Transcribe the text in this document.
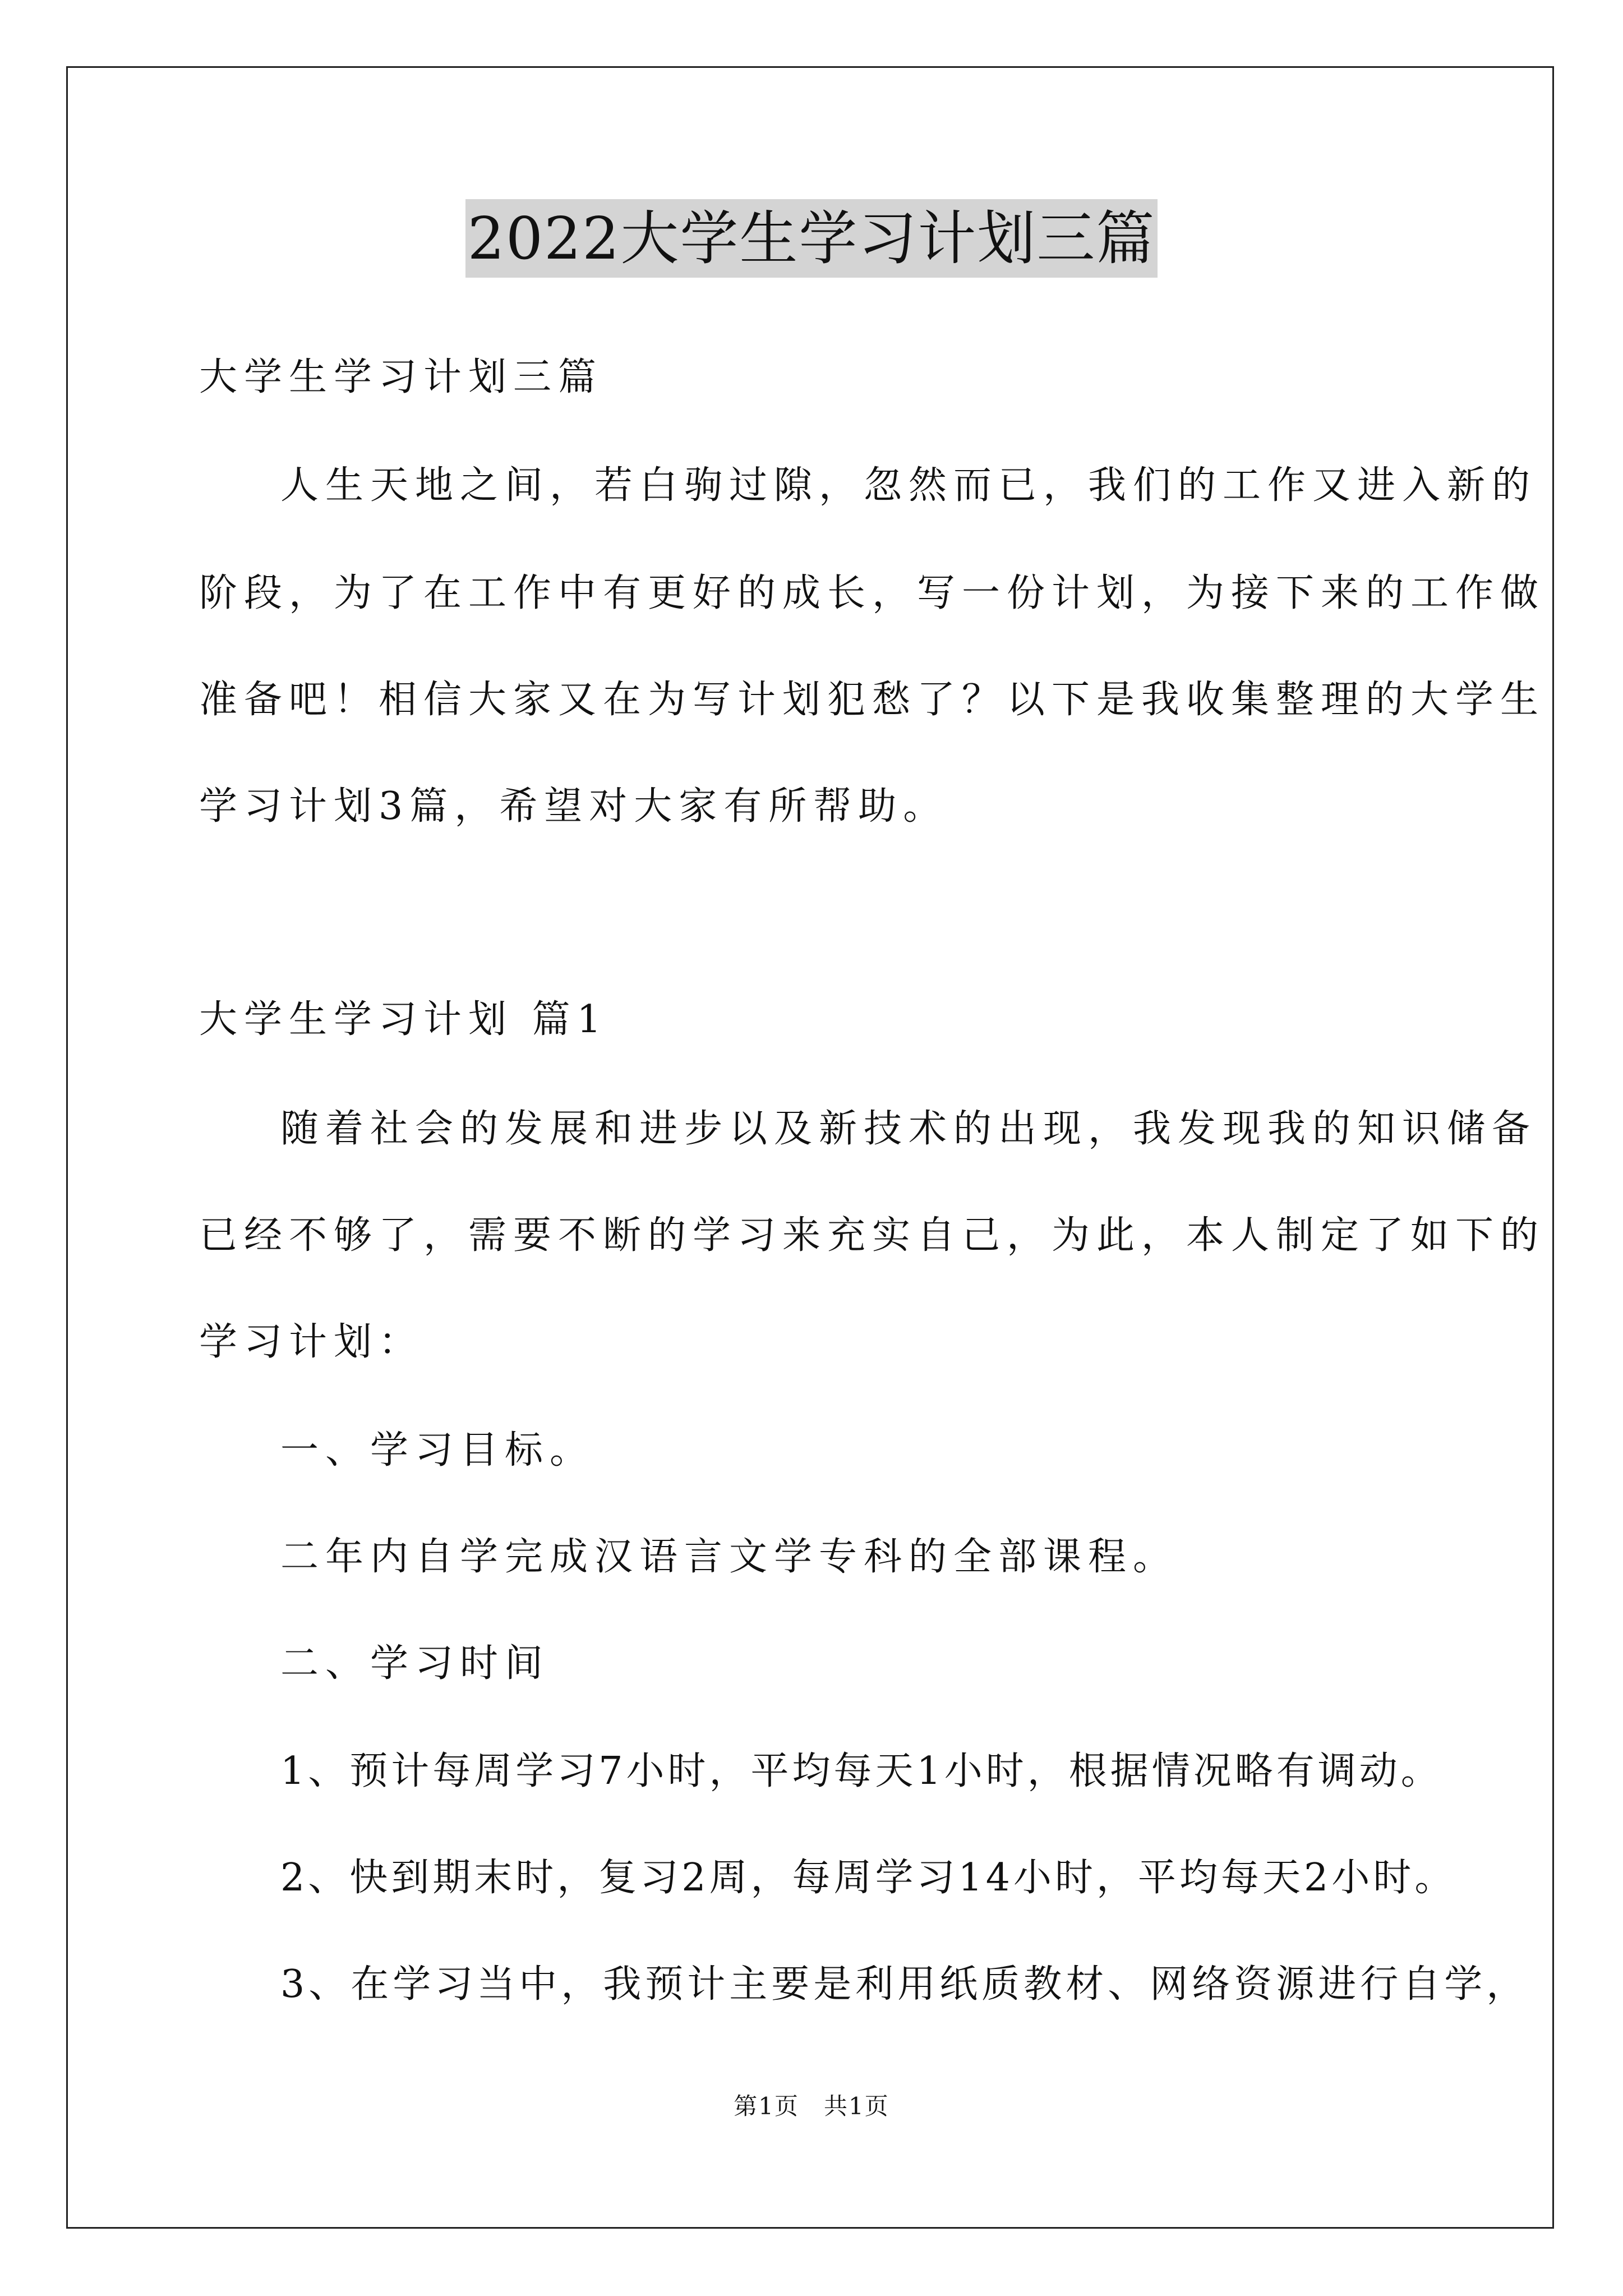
2022大学生学习计划三篇
大学生学习计划三篇
人生天地之间，若白驹过隙，忽然而已，我们的工作又进入新的
阶段，为了在工作中有更好的成长，写一份计划，为接下来的工作做
准备吧！相信大家又在为写计划犯愁了？以下是我收集整理的大学生
学习计划3篇，希望对大家有所帮助。
大学生学习计划 篇1
随着社会的发展和进步以及新技术的出现，我发现我的知识储备
已经不够了，需要不断的学习来充实自己，为此，本人制定了如下的
学习计划：
一、学习目标。
二年内自学完成汉语言文学专科的全部课程。
二、学习时间
1、预计每周学习7小时，平均每天1小时，根据情况略有调动。
2、快到期末时，复习2周，每周学习14小时，平均每天2小时。
3、在学习当中，我预计主要是利用纸质教材、网络资源进行自学，
第1页　共1页
